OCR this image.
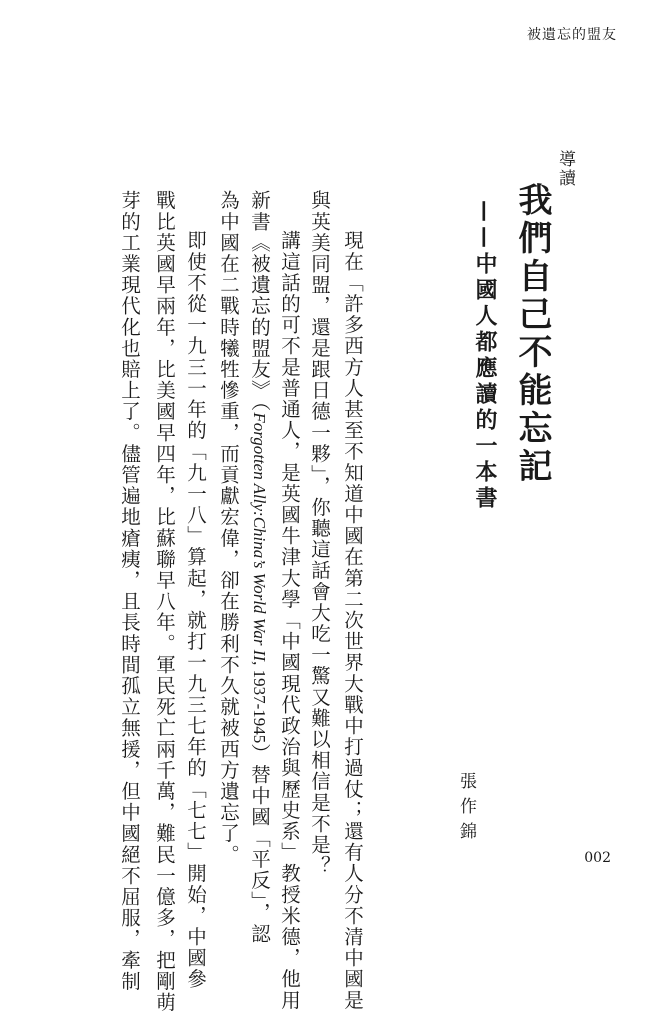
被遺忘的盟友
導讀
我們自己不能忘記
——中國人都應讀的一本書
現在「許多西方人甚至不知道中國在第二次世界大戰中打過仗；還有人分不清中國是
與英美同盟，還是跟日德一夥」，你聽這話會大吃一驚又難以相信是不是？
講這話的可不是普通人，是英國牛津大學「中國現代政治與歷史系」教授米德，他用
新書《被遺忘的盟友》（Forgotten Ally:China’s World War II, 1937-1945）替中國「平反」，認
為中國在二戰時犧牲慘重，而貢獻宏偉，卻在勝利不久就被西方遺忘了。
即使不從一九三一年的「九一八」算起，就打一九三七年的「七七」開始，中國參
戰比英國早兩年，比美國早四年，比蘇聯早八年。軍民死亡兩千萬，難民一億多，把剛萌
芽的工業現代化也賠上了。儘管遍地瘡痍，且長時間孤立無援，但中國絕不屈服，牽制	張作錦
002
